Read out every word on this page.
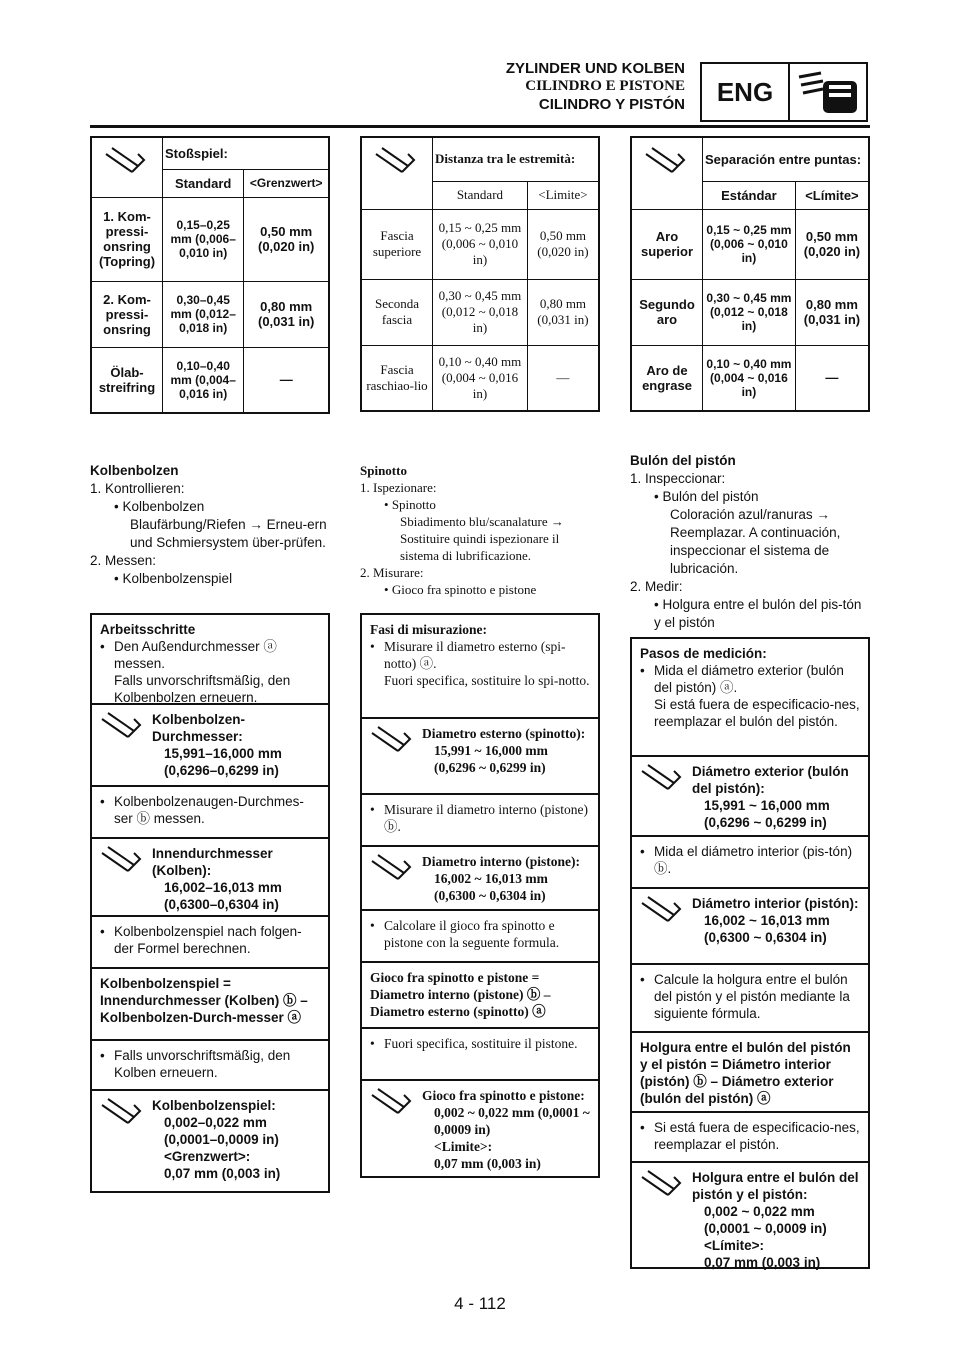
ZYLINDER UND KOLBEN
CILINDRO E PISTONE
CILINDRO Y PISTÓN	ENG
	Stoßspiel:	
	Standard	<Grenzwert>
1. Kom-pressi-onsring (Topring)	0,15–0,25 mm (0,006–0,010 in)	0,50 mm (0,020 in)
2. Kom-pressi-onsring	0,30–0,45 mm (0,012–0,018 in)	0,80 mm (0,031 in)
Ölab-streifring	0,10–0,40 mm (0,004–0,016 in)	—
	Distanza tra le estremità:	
	Standard	<Limite>
Fascia superiore	0,15 ~ 0,25 mm (0,006 ~ 0,010 in)	0,50 mm (0,020 in)
Seconda fascia	0,30 ~ 0,45 mm (0,012 ~ 0,018 in)	0,80 mm (0,031 in)
Fascia raschiao-lio	0,10 ~ 0,40 mm (0,004 ~ 0,016 in)	—
	Separación entre puntas:	
	Estándar	<Límite>
Aro superior	0,15 ~ 0,25 mm (0,006 ~ 0,010 in)	0,50 mm (0,020 in)
Segundo aro	0,30 ~ 0,45 mm (0,012 ~ 0,018 in)	0,80 mm (0,031 in)
Aro de engrase	0,10 ~ 0,40 mm (0,004 ~ 0,016 in)	—

Kolbenbolzen

1. Kontrollieren:

• Kolbenbolzen

Blaufärbung/Riefen → Erneu-ern und Schmiersystem über-prüfen.

2. Messen:

• Kolbenbolzenspiel

Arbeitsschritte
• Den Außendurchmesser ⓐ messen.
Falls unvorschriftsmäßig, den Kolbenbolzen erneuern.
Kolbenbolzen-Durchmesser:
15,991–16,000 mm (0,6296–0,6299 in)
• Kolbenbolzenaugen-Durchmes-ser ⓑ messen.
Innendurchmesser (Kolben):
16,002–16,013 mm (0,6300–0,6304 in)
• Kolbenbolzenspiel nach folgen-der Formel berechnen.
Kolbenbolzenspiel = Innendurchmesser (Kolben) ⓑ – Kolbenbolzen-Durch-messer ⓐ
• Falls unvorschriftsmäßig, den Kolben erneuern.
Kolbenbolzenspiel:
0,002–0,022 mm (0,0001–0,0009 in)
<Grenzwert>:
0,07 mm (0,003 in)

Spinotto

1. Ispezionare:

• Spinotto

Sbiadimento blu/scanalature → Sostituire quindi ispezionare il sistema di lubrificazione.

2. Misurare:

• Gioco fra spinotto e pistone

Fasi di misurazione:
• Misurare il diametro esterno (spi-notto) ⓐ.
Fuori specifica, sostituire lo spi-notto.
Diametro esterno (spinotto):
15,991 ~ 16,000 mm (0,6296 ~ 0,6299 in)
• Misurare il diametro interno (pistone) ⓑ.
Diametro interno (pistone):
16,002 ~ 16,013 mm (0,6300 ~ 0,6304 in)
• Calcolare il gioco fra spinotto e pistone con la seguente formula.
Gioco fra spinotto e pistone = Diametro interno (pistone) ⓑ – Diametro esterno (spinotto) ⓐ
• Fuori specifica, sostituire il pistone.
Gioco fra spinotto e pistone:
0,002 ~ 0,022 mm (0,0001 ~ 0,0009 in)
<Limite>:
0,07 mm (0,003 in)

Bulón del pistón

1. Inspeccionar:

• Bulón del pistón

Coloración azul/ranuras → Reemplazar. A continuación, inspeccionar el sistema de lubricación.

2. Medir:

• Holgura entre el bulón del pis-tón y el pistón

Pasos de medición:
• Mida el diámetro exterior (bulón del pistón) ⓐ.
Si está fuera de especificacio-nes, reemplazar el bulón del pistón.
Diámetro exterior (bulón del pistón):
15,991 ~ 16,000 mm (0,6296 ~ 0,6299 in)
• Mida el diámetro interior (pis-tón) ⓑ.
Diámetro interior (pistón):
16,002 ~ 16,013 mm (0,6300 ~ 0,6304 in)
• Calcule la holgura entre el bulón del pistón y el pistón mediante la siguiente fórmula.
Holgura entre el bulón del pistón y el pistón = Diámetro interior (pistón) ⓑ – Diámetro exterior (bulón del pistón) ⓐ
• Si está fuera de especificacio-nes, reemplazar el pistón.
Holgura entre el bulón del pistón y el pistón:
0,002 ~ 0,022 mm (0,0001 ~ 0,0009 in)
<Límite>:
0,07 mm (0,003 in)
4 - 112
